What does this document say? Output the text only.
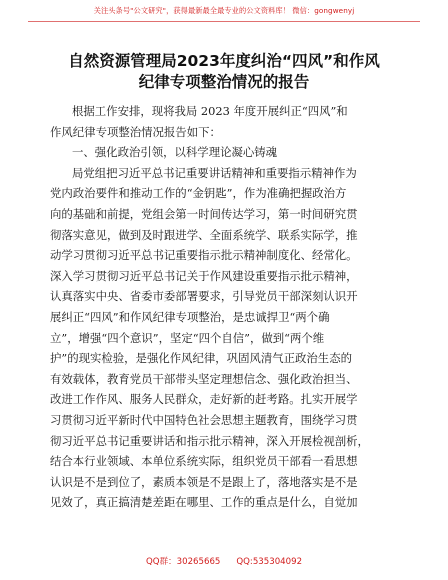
关注头条号"公文研究"，获得最新最全最专业的公文资料库！ 微信：gongwenyj
自然资源管理局2023年度纠治“四风”和作风
纪律专项整治情况的报告
根据工作安排，现将我局 2023 年度开展纠正“四风”和
作风纪律专项整治情况报告如下：
一、强化政治引领，以科学理论凝心铸魂
局党组把习近平总书记重要讲话精神和重要指示精神作为
党内政治要件和推动工作的“金钥匙”，作为准确把握政治方
向的基础和前提，党组会第一时间传达学习，第一时间研究贯
彻落实意见，做到及时跟进学、全面系统学、联系实际学，推
动学习贯彻习近平总书记重要指示批示精神制度化、经常化。
深入学习贯彻习近平总书记关于作风建设重要指示批示精神，
认真落实中央、省委市委部署要求，引导党员干部深刻认识开
展纠正“四风”和作风纪律专项整治，是忠诚捍卫“两个确
立”，增强“四个意识”，坚定“四个自信”，做到“两个维
护”的现实检验，是强化作风纪律，巩固风清气正政治生态的
有效载体，教育党员干部带头坚定理想信念、强化政治担当、
改进工作作风、服务人民群众，走好新的赶考路。扎实开展学
习贯彻习近平新时代中国特色社会思想主题教育，围绕学习贯
彻习近平总书记重要讲话和指示批示精神，深入开展检视剖析，
结合本行业领域、本单位系统实际，组织党员干部看一看思想
认识是不是到位了，素质本领是不是跟上了，落地落实是不是
见效了，真正搞清楚差距在哪里、工作的重点是什么，自觉加
QQ群：30265665 QQ:535304092
